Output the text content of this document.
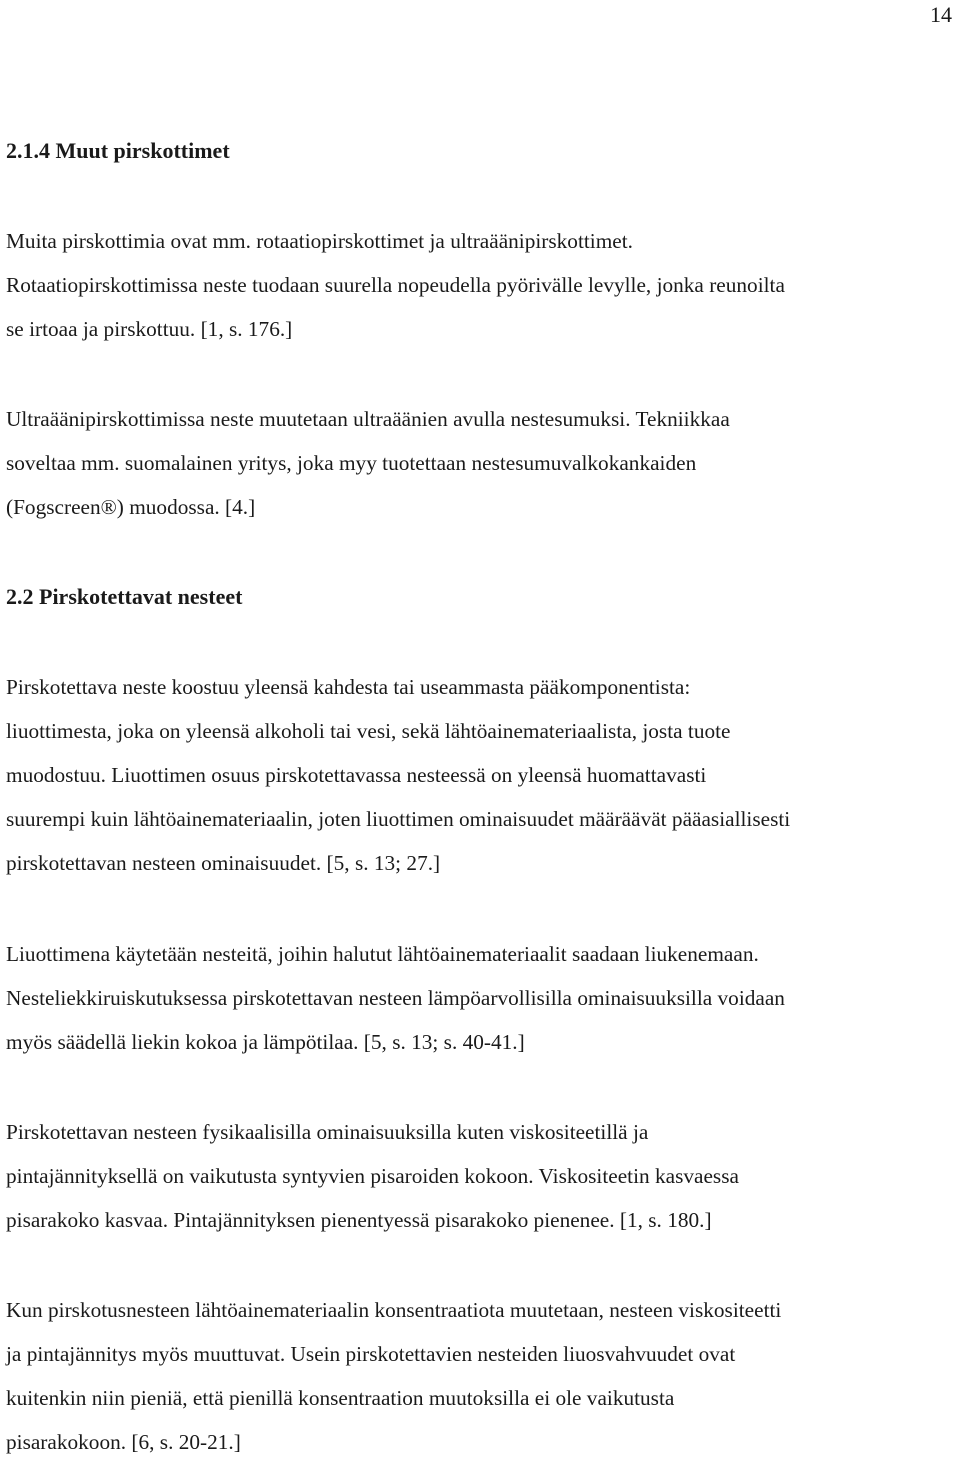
14
2.1.4 Muut pirskottimet
Muita pirskottimia ovat mm. rotaatiopirskottimet ja ultraäänipirskottimet.
Rotaatiopirskottimissa neste tuodaan suurella nopeudella pyörivälle levylle, jonka reunoilta
se irtoaa ja pirskottuu. [1, s. 176.]
Ultraäänipirskottimissa neste muutetaan ultraäänien avulla nestesumuksi. Tekniikkaa
soveltaa mm. suomalainen yritys, joka myy tuotettaan nestesumuvalkokankaiden
(Fogscreen®) muodossa. [4.]
2.2 Pirskotettavat nesteet
Pirskotettava neste koostuu yleensä kahdesta tai useammasta pääkomponentista:
liuottimesta, joka on yleensä alkoholi tai vesi, sekä lähtöainemateriaalista, josta tuote
muodostuu. Liuottimen osuus pirskotettavassa nesteessä on yleensä huomattavasti
suurempi kuin lähtöainemateriaalin, joten liuottimen ominaisuudet määräävät pääasiallisesti
pirskotettavan nesteen ominaisuudet. [5, s. 13; 27.]
Liuottimena käytetään nesteitä, joihin halutut lähtöainemateriaalit saadaan liukenemaan.
Nesteliekkiruiskutuksessa pirskotettavan nesteen lämpöarvollisilla ominaisuuksilla voidaan
myös säädellä liekin kokoa ja lämpötilaa. [5, s. 13; s. 40-41.]
Pirskotettavan nesteen fysikaalisilla ominaisuuksilla kuten viskositeetillä ja
pintajännityksellä on vaikutusta syntyvien pisaroiden kokoon. Viskositeetin kasvaessa
pisarakoko kasvaa. Pintajännityksen pienentyessä pisarakoko pienenee. [1, s. 180.]
Kun pirskotusnesteen lähtöainemateriaalin konsentraatiota muutetaan, nesteen viskositeetti
ja pintajännitys myös muuttuvat. Usein pirskotettavien nesteiden liuosvahvuudet ovat
kuitenkin niin pieniä, että pienillä konsentraation muutoksilla ei ole vaikutusta
pisarakokoon. [6, s. 20-21.]
